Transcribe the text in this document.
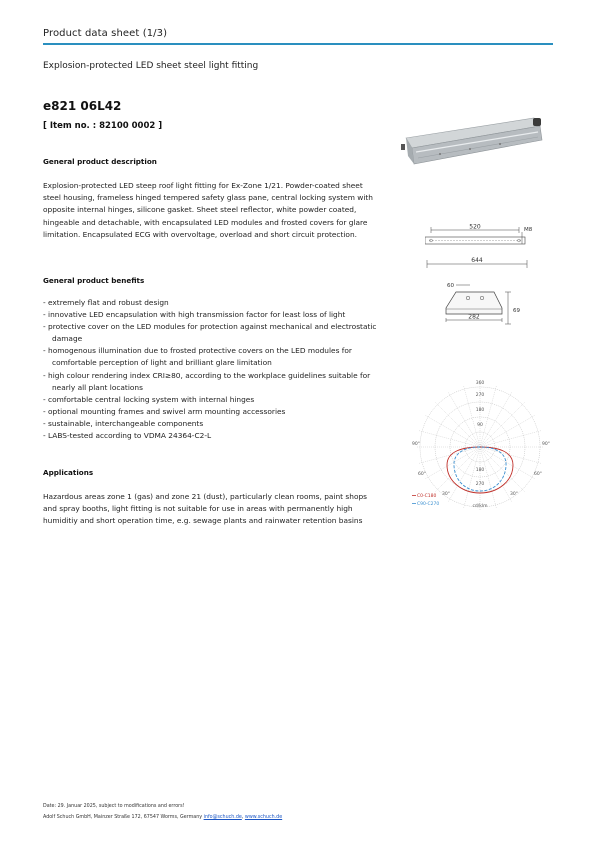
Product data sheet (1/3)
Explosion-protected LED sheet steel light fitting
e821 06L42
[ Item no. : 82100 0002 ]
General product description
Explosion-protected LED steep roof light fitting for Ex-Zone 1/21. Powder-coated sheet steel housing, frameless hinged tempered safety glass pane, central locking system with opposite internal hinges, silicone gasket. Sheet steel reflector, white powder coated, hingeable and detachable, with encapsulated LED modules and frosted covers for glare limitation. Encapsulated ECG with overvoltage, overload and short circuit protection.
General product benefits
- extremely flat and robust design
- innovative LED encapsulation with high transmission factor for least loss of light
- protective cover on the LED modules for protection against mechanical and electrostatic damage
- homogenous illumination due to frosted protective covers on the LED modules for comfortable perception of light and brilliant glare limitation
- high colour rendering index CRI≥80, according to the workplace guidelines suitable for nearly all plant locations
- comfortable central locking system with internal hinges
- optional mounting frames and swivel arm mounting accessories
- sustainable, interchangeable components
- LABS-tested according to VDMA 24364-C2-L
Applications
Hazardous areas zone 1 (gas) and zone 21 (dust), particularly clean rooms, paint shops and spray booths, light fitting is not suitable for use in areas with permanently high humiditiy and short operation time, e.g. sewage plants and rainwater retention basins
520	M8
644
60
282
69
360
270
180
90
180
270
90°	90°
60°	60°
30°	30°
cd/klm
C0-C180
C90-C270
Date: 29. Januar 2025, subject to modifications and errors!
Adolf Schuch GmbH, Mainzer Straße 172, 67547 Worms, Germany info@schuch.de, www.schuch.de
